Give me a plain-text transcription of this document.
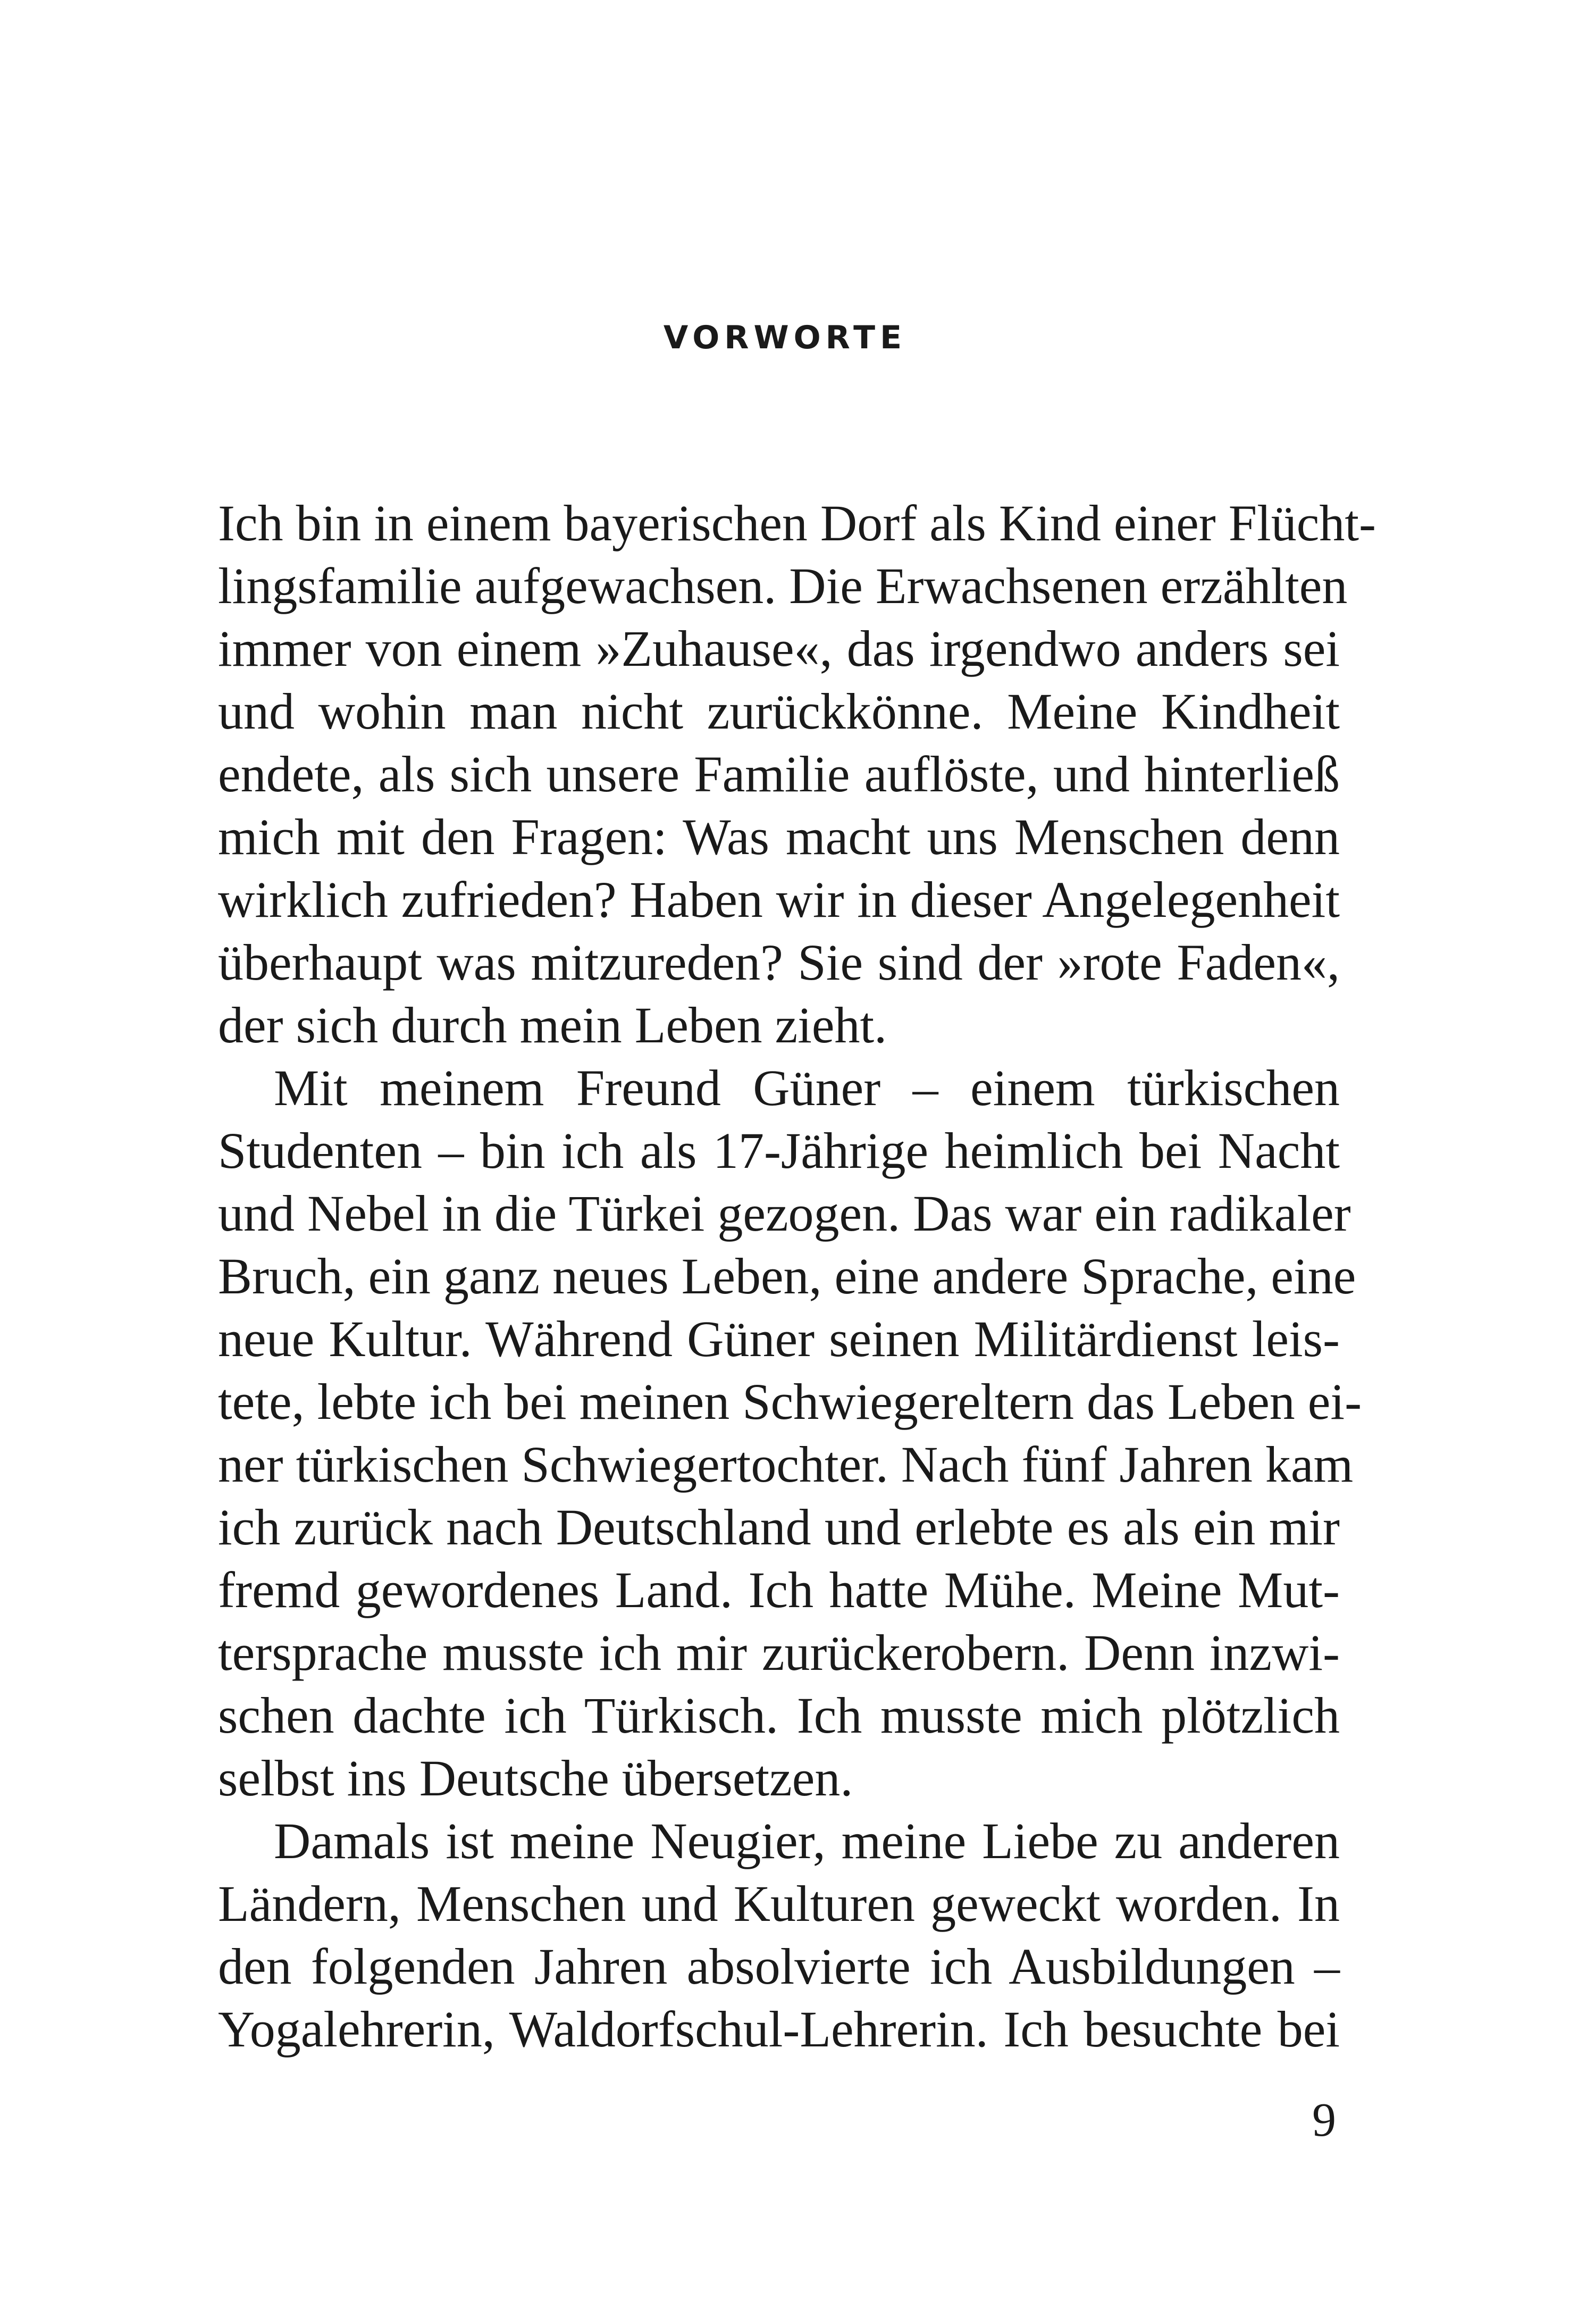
VORWORTE
Ich bin in einem bayerischen Dorf als Kind einer Flücht-
lingsfamilie aufgewachsen. Die Erwachsenen erzählten
immer von einem »Zuhause«, das irgendwo anders sei
und wohin man nicht zurückkönne. Meine Kindheit
endete, als sich unsere Familie auflöste, und hinterließ
mich mit den Fragen: Was macht uns Menschen denn
wirklich zufrieden? Haben wir in dieser Angelegenheit
überhaupt was mitzureden? Sie sind der »rote Faden«,
der sich durch mein Leben zieht.
Mit meinem Freund Güner – einem türkischen
Studenten – bin ich als 17-Jährige heimlich bei Nacht
und Nebel in die Türkei gezogen. Das war ein radikaler
Bruch, ein ganz neues Leben, eine andere Sprache, eine
neue Kultur. Während Güner seinen Militärdienst leis-
tete, lebte ich bei meinen Schwiegereltern das Leben ei-
ner türkischen Schwiegertochter. Nach fünf Jahren kam
ich zurück nach Deutschland und erlebte es als ein mir
fremd gewordenes Land. Ich hatte Mühe. Meine Mut-
tersprache musste ich mir zurückerobern. Denn inzwi-
schen dachte ich Türkisch. Ich musste mich plötzlich
selbst ins Deutsche übersetzen.
Damals ist meine Neugier, meine Liebe zu anderen
Ländern, Menschen und Kulturen geweckt worden. In
den folgenden Jahren absolvierte ich Ausbildungen –
Yogalehrerin, Waldorfschul-Lehrerin. Ich besuchte bei
9
